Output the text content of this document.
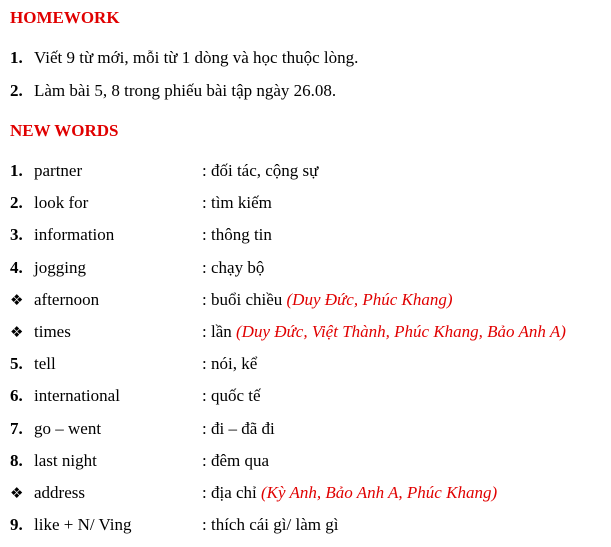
HOMEWORK
1. Viết 9 từ mới, mỗi từ 1 dòng và học thuộc lòng.
2. Làm bài 5, 8 trong phiếu bài tập ngày 26.08.
NEW WORDS
1. partner	: đối tác, cộng sự
2. look for	: tìm kiếm
3. information	: thông tin
4. jogging	: chạy bộ
❖ afternoon	: buổi chiều (Duy Đức, Phúc Khang)
❖ times	: lần (Duy Đức, Việt Thành, Phúc Khang, Bảo Anh A)
5. tell	: nói, kể
6. international	: quốc tế
7. go – went	: đi – đã đi
8. last night	: đêm qua
❖ address	: địa chỉ (Kỳ Anh, Bảo Anh A, Phúc Khang)
9. like + N/ Ving	: thích cái gì/ làm gì
